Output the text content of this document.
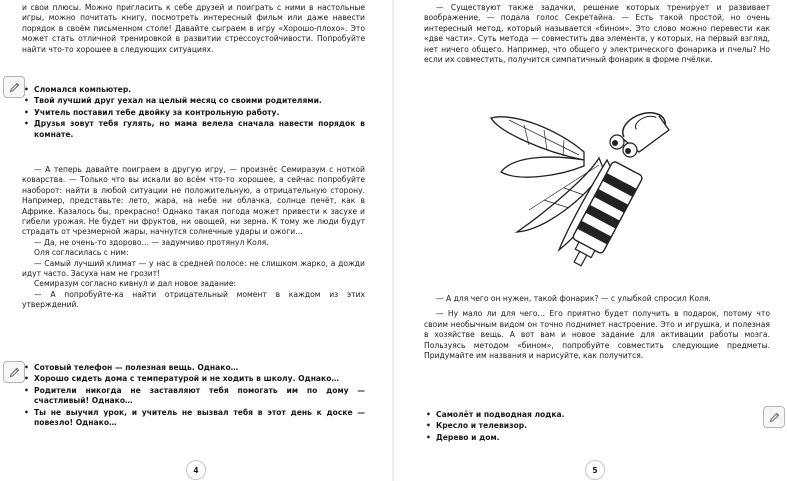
и свои плюсы. Можно пригласить к себе друзей и поиграть с ними в настольные игры, можно почитать книгу, посмотреть интересный фильм или даже навести порядок в своём письменном столе! Давайте сыграем в игру «Хорошо-плохо». Это может стать отличной тренировкой в развитии стрессоустойчивости. Попробуйте найти что-то хорошее в следующих ситуациях.

• Сломался компьютер.
• Твой лучший друг уехал на целый месяц со своими родителями.
• Учитель поставил тебе двойку за контрольную работу.
• Друзья зовут тебя гулять, но мама велела сначала навести порядок в комнате.

— А теперь давайте поиграем в другую игру, — произнёс Семиразум с ноткой коварства. — Только что вы искали во всём что-то хорошее, а сейчас попробуйте наоборот: найти в любой ситуации не положительную, а отрицательную сторону. Например, представьте: лето, жара, на небе ни облачка, солнце печёт, как в Африке. Казалось бы, прекрасно! Однако такая погода может привести к засухе и гибели урожая. Не будет ни фруктов, ни овощей, ни зерна. К тому же люди будут страдать от чрезмерной жары, начнутся солнечные удары и ожоги…

— Да, не очень-то здорово… — задумчиво протянул Коля.

Оля согласилась с ним:

— Самый лучший климат — у нас в средней полосе: не слишком жарко, а дожди идут часто. Засуха нам не грозит!

Семиразум согласно кивнул и дал новое задание:

— А попробуйте-ка найти отрицательный момент в каждом из этих утверждений.

• Сотовый телефон — полезная вещь. Однако…
• Хорошо сидеть дома с температурой и не ходить в школу. Однако…
• Родители никогда не заставляют тебя помогать им по дому — счастливый! Однако…
• Ты не выучил урок, и учитель не вызвал тебя в этот день к доске — повезло! Однако…
4

— Существуют также задачки, решение которых тренирует и развивает воображение, — подала голос Секретайна. — Есть такой простой, но очень интересный метод, который называется «бином». Это слово можно перевести как «две части». Суть метода — совместить два элемента, у которых, на первый взгляд, нет ничего общего. Например, что общего у электрического фонарика и пчелы? Но если их совместить, получится симпатичный фонарик в форме пчёлки.

— А для чего он нужен, такой фонарик? — с улыбкой спросил Коля.

— Ну мало ли для чего… Его приятно будет получить в подарок, потому что своим необычным видом он точно поднимет настроение. Это и игрушка, и полезная в хозяйстве вещь. А вот вам и новое задание для активации работы мозга. Пользуясь методом «бином», попробуйте совместить следующие предметы. Придумайте им названия и нарисуйте, как получится.

• Самолёт и подводная лодка.
• Кресло и телевизор.
• Дерево и дом.
5
